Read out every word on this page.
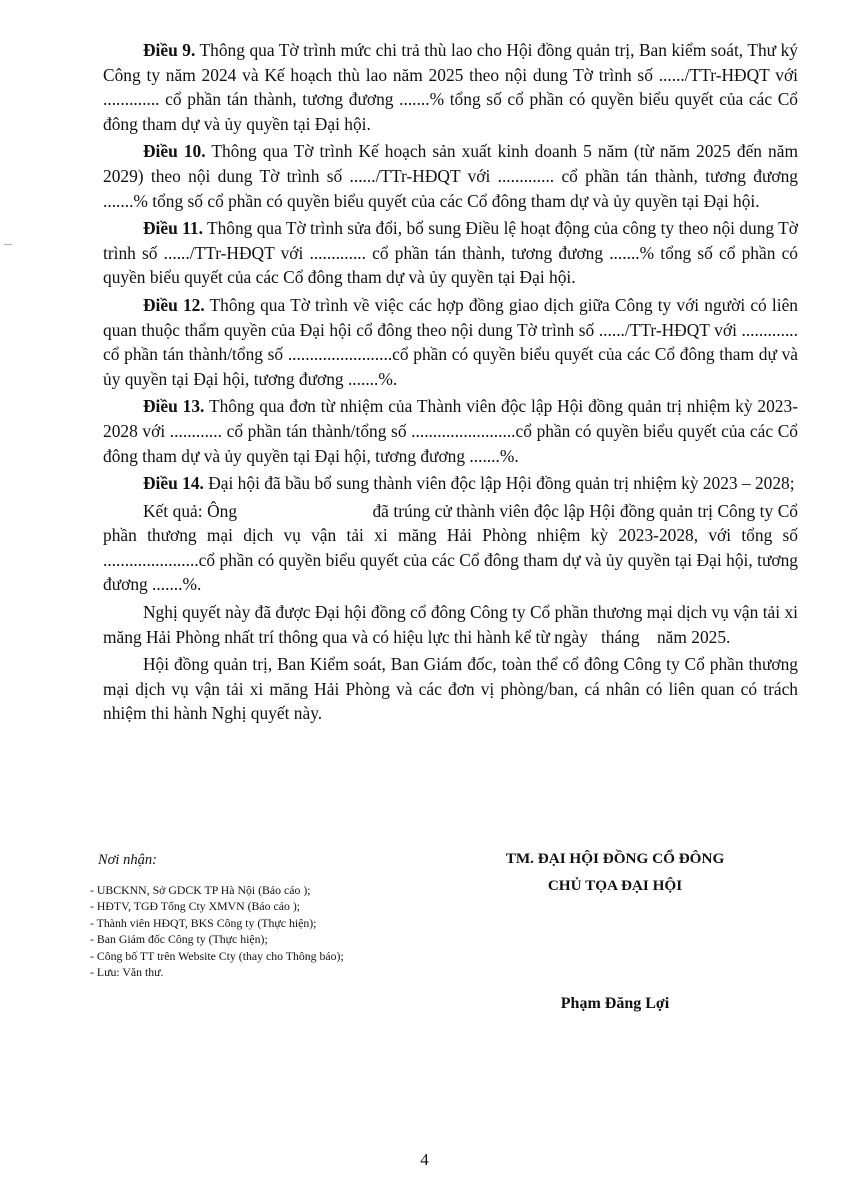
Điều 9. Thông qua Tờ trình mức chi trả thù lao cho Hội đồng quản trị, Ban kiểm soát, Thư ký Công ty năm 2024 và Kế hoạch thù lao năm 2025 theo nội dung Tờ trình số ....../TTr-HĐQT với ............. cổ phần tán thành, tương đương .......% tổng số cổ phần có quyền biểu quyết của các Cổ đông tham dự và ủy quyền tại Đại hội.

Điều 10. Thông qua Tờ trình Kế hoạch sản xuất kinh doanh 5 năm (từ năm 2025 đến năm 2029) theo nội dung Tờ trình số ....../TTr-HĐQT với ............. cổ phần tán thành, tương đương .......% tổng số cổ phần có quyền biểu quyết của các Cổ đông tham dự và ủy quyền tại Đại hội.

Điều 11. Thông qua Tờ trình sửa đổi, bổ sung Điều lệ hoạt động của công ty theo nội dung Tờ trình số ....../TTr-HĐQT với ............. cổ phần tán thành, tương đương .......% tổng số cổ phần có quyền biểu quyết của các Cổ đông tham dự và ủy quyền tại Đại hội.

Điều 12. Thông qua Tờ trình về việc các hợp đồng giao dịch giữa Công ty với người có liên quan thuộc thẩm quyền của Đại hội cổ đông theo nội dung Tờ trình số ....../TTr-HĐQT với ............. cổ phần tán thành/tổng số ........................cổ phần có quyền biểu quyết của các Cổ đông tham dự và ủy quyền tại Đại hội, tương đương .......%.

Điều 13. Thông qua đơn từ nhiệm của Thành viên độc lập Hội đồng quản trị nhiệm kỳ 2023-2028 với ............ cổ phần tán thành/tổng số ........................cổ phần có quyền biểu quyết của các Cổ đông tham dự và ủy quyền tại Đại hội, tương đương .......%.

Điều 14. Đại hội đã bầu bổ sung thành viên độc lập Hội đồng quản trị nhiệm kỳ 2023 – 2028;

Kết quả: Ông                              đã trúng cử thành viên độc lập Hội đồng quản trị Công ty Cổ phần thương mại dịch vụ vận tải xi măng Hải Phòng nhiệm kỳ 2023-2028, với tổng số ......................cổ phần có quyền biểu quyết của các Cổ đông tham dự và ủy quyền tại Đại hội, tương đương .......%.

Nghị quyết này đã được Đại hội đồng cổ đông Công ty Cổ phần thương mại dịch vụ vận tải xi măng Hải Phòng nhất trí thông qua và có hiệu lực thi hành kể từ ngày   tháng    năm 2025.

Hội đồng quản trị, Ban Kiểm soát, Ban Giám đốc, toàn thể cổ đông Công ty Cổ phần thương mại dịch vụ vận tải xi măng Hải Phòng và các đơn vị phòng/ban, cá nhân có liên quan có trách nhiệm thi hành Nghị quyết này.

Nơi nhận:

- UBCKNN, Sở GDCK TP Hà Nội (Báo cáo );
- HĐTV, TGĐ Tổng Cty XMVN (Báo cáo );
- Thành viên HĐQT, BKS Công ty (Thực hiện);
- Ban Giám đốc Công ty (Thực hiện);
- Công bố TT trên Website Cty (thay cho Thông báo);
- Lưu: Văn thư.
TM. ĐẠI HỘI ĐỒNG CỔ ĐÔNG
CHỦ TỌA ĐẠI HỘI
Phạm Đăng Lợi
4
